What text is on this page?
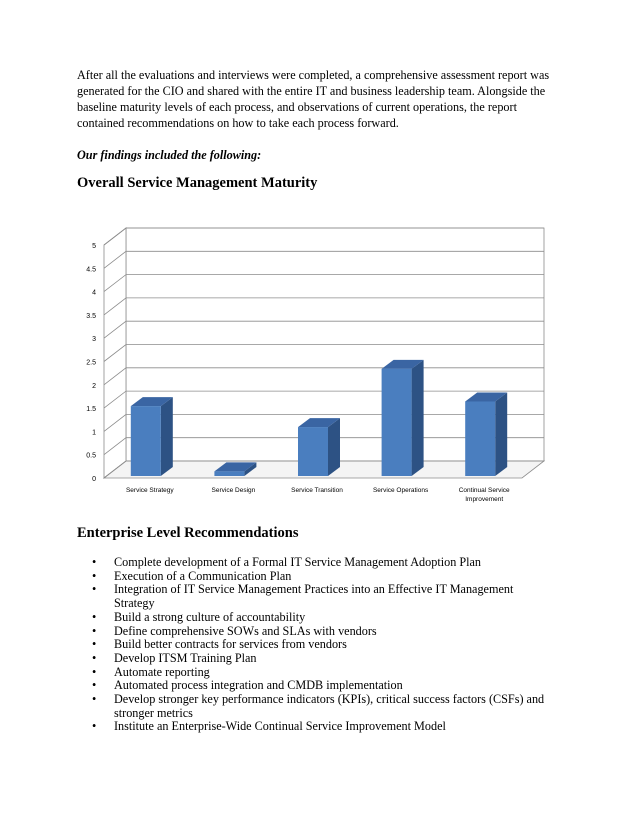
After all the evaluations and interviews were completed, a comprehensive assessment report was generated for the CIO and shared with the entire IT and business leadership team. Alongside the baseline maturity levels of each process, and observations of current operations, the report contained recommendations on how to take each process forward.

Our findings included the following:

Overall Service Management Maturity
0
0.5
1
1.5
2
2.5
3
3.5
4
4.5
5
Service Strategy	Service Design	Service Transition	Service Operations	Continual Service
Improvement
Enterprise Level Recommendations
• Complete development of a Formal IT Service Management Adoption Plan
• Execution of a Communication Plan
• Integration of IT Service Management Practices into an Effective IT Management
Strategy
• Build a strong culture of accountability
• Define comprehensive SOWs and SLAs with vendors
• Build better contracts for services from vendors
• Develop ITSM Training Plan
• Automate reporting
• Automated process integration and CMDB implementation
• Develop stronger key performance indicators (KPIs), critical success factors (CSFs) and
stronger metrics
• Institute an Enterprise-Wide Continual Service Improvement Model
